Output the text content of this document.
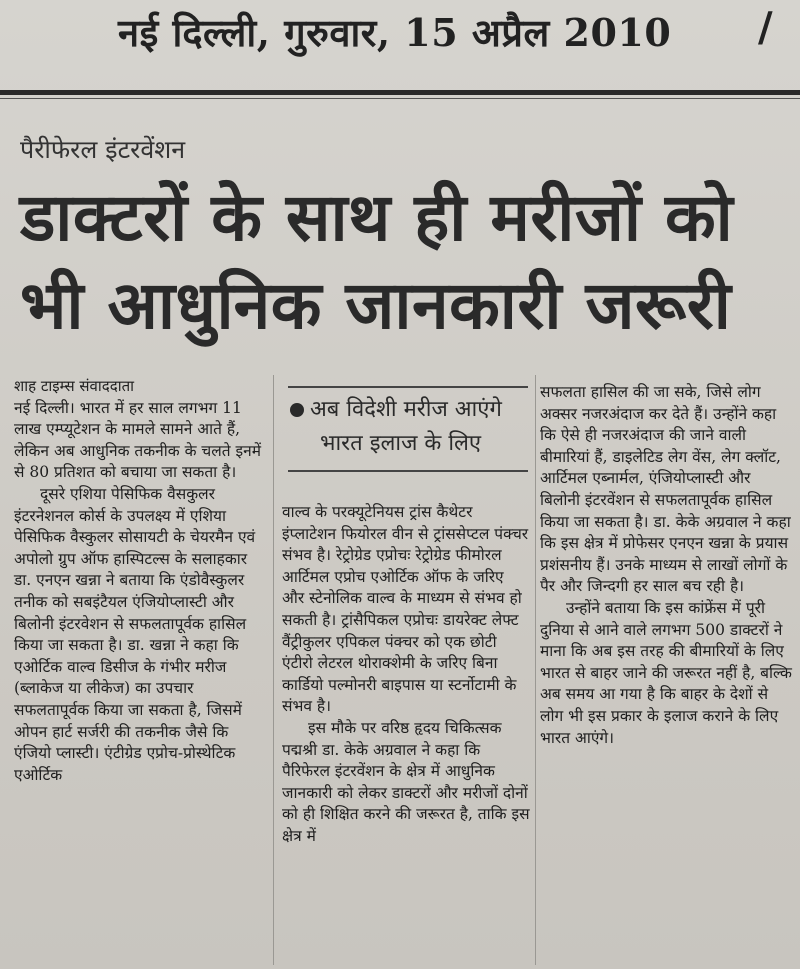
नई दिल्ली, गुरुवार, 15 अप्रैल 2010 /
पैरीफेरल इंटरवेंशन
डाक्टरों के साथ ही मरीजों को भी आधुनिक जानकारी जरूरी

शाह टाइम्स संवाददाता

नई दिल्ली। भारत में हर साल लगभग 11 लाख एम्प्यूटेशन के मामले सामने आते हैं, लेकिन अब आधुनिक तकनीक के चलते इनमें से 80 प्रतिशत को बचाया जा सकता है।

दूसरे एशिया पेसिफिक वैसकुलर इंटरनेशनल कोर्स के उपलक्ष्य में एशिया पेसिफिक वैस्कुलर सोसायटी के चेयरमैन एवं अपोलो ग्रुप ऑफ हास्पिटल्स के सलाहकार डा. एनएन खन्ना ने बताया कि एंडोवैस्कुलर तनीक को सबइंटैयल एंजियोप्लास्टी और बिलोनी इंटरवेशन से सफलतापूर्वक हासिल किया जा सकता है। डा. खन्ना ने कहा कि एओर्टिक वाल्व डिसीज के गंभीर मरीज (ब्लाकेज या लीकेज) का उपचार सफलतापूर्वक किया जा सकता है, जिसमें ओपन हार्ट सर्जरी की तकनीक जैसे कि एंजियो प्लास्टी। एंटीग्रेड एप्रोच-प्रोस्थेटिक एओर्टिक

अब विदेशी मरीज आएंगे
भारत इलाज के लिए

वाल्व के परक्यूटेनियस ट्रांस कैथेटर इंप्लाटेशन फियोरल वीन से ट्रांससेप्टल पंक्चर संभव है। रेट्रोग्रेड एप्रोचः रेट्रोग्रेड फीमोरल आर्टिमल एप्रोच एओर्टिक ऑफ के जरिए और स्टेनोलिक वाल्व के माध्यम से संभव हो सकती है। ट्रांसैपिकल एप्रोचः डायरेक्ट लेफ्ट वैंट्रीकुलर एपिकल पंक्चर को एक छोटी एंटीरो लेटरल थोराक्शेमी के जरिए बिना कार्डियो पल्मोनरी बाइपास या स्टर्नोटामी के संभव है।

इस मौके पर वरिष्ठ हृदय चिकित्सक पद्मश्री डा. केके अग्रवाल ने कहा कि पैरिफेरल इंटरवेंशन के क्षेत्र में आधुनिक जानकारी को लेकर डाक्टरों और मरीजों दोनों को ही शिक्षित करने की जरूरत है, ताकि इस क्षेत्र में

सफलता हासिल की जा सके, जिसे लोग अक्सर नजरअंदाज कर देते हैं। उन्होंने कहा कि ऐसे ही नजरअंदाज की जाने वाली बीमारियां हैं, डाइलेटिड लेग वेंस, लेग क्लॉट, आर्टिमल एब्नार्मल, एंजियोप्लास्टी और बिलोनी इंटरवेंशन से सफलतापूर्वक हासिल किया जा सकता है। डा. केके अग्रवाल ने कहा कि इस क्षेत्र में प्रोफेसर एनएन खन्ना के प्रयास प्रशंसनीय हैं। उनके माध्यम से लाखों लोगों के पैर और जिन्दगी हर साल बच रही है।

उन्होंने बताया कि इस कांफ्रेंस में पूरी दुनिया से आने वाले लगभग 500 डाक्टरों ने माना कि अब इस तरह की बीमारियों के लिए भारत से बाहर जाने की जरूरत नहीं है, बल्कि अब समय आ गया है कि बाहर के देशों से लोग भी इस प्रकार के इलाज कराने के लिए भारत आएंगे।
